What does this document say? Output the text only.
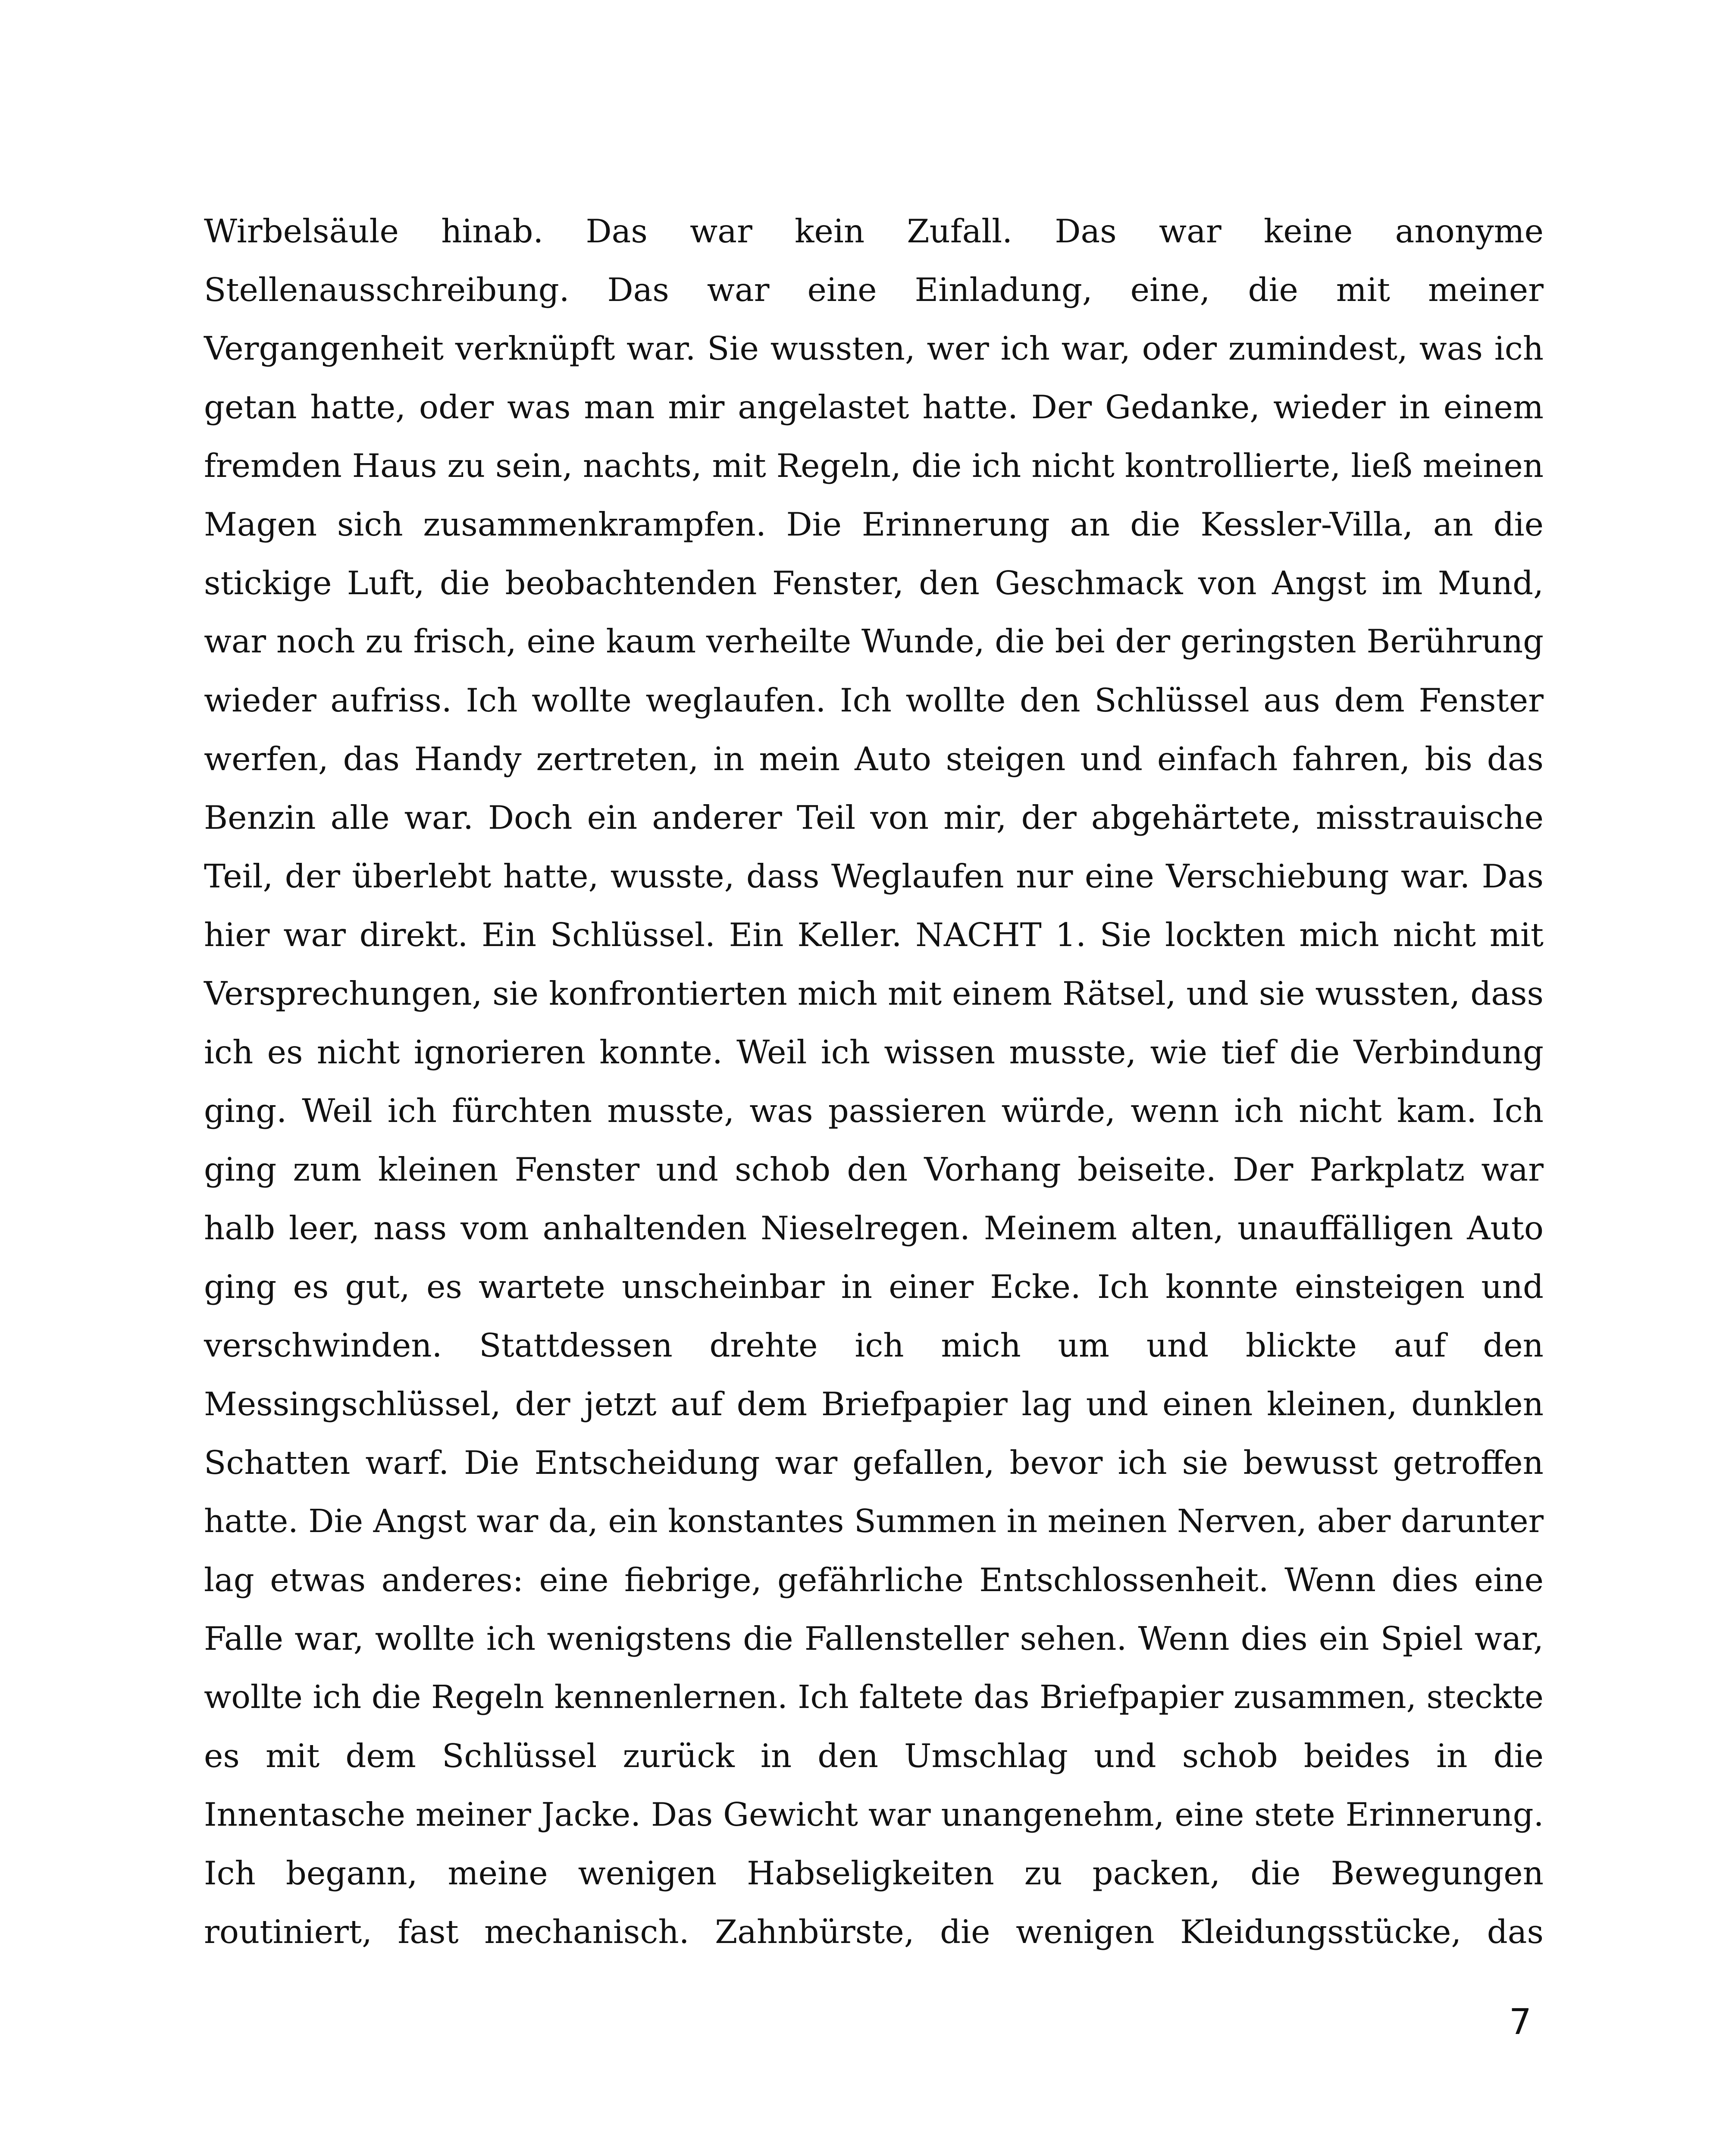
Wirbelsäule hinab. Das war kein Zufall. Das war keine anonyme
Stellenausschreibung. Das war eine Einladung, eine, die mit meiner
Vergangenheit verknüpft war. Sie wussten, wer ich war, oder zumindest, was ich
getan hatte, oder was man mir angelastet hatte. Der Gedanke, wieder in einem
fremden Haus zu sein, nachts, mit Regeln, die ich nicht kontrollierte, ließ meinen
Magen sich zusammenkrampfen. Die Erinnerung an die Kessler-Villa, an die
stickige Luft, die beobachtenden Fenster, den Geschmack von Angst im Mund,
war noch zu frisch, eine kaum verheilte Wunde, die bei der geringsten Berührung
wieder aufriss. Ich wollte weglaufen. Ich wollte den Schlüssel aus dem Fenster
werfen, das Handy zertreten, in mein Auto steigen und einfach fahren, bis das
Benzin alle war. Doch ein anderer Teil von mir, der abgehärtete, misstrauische
Teil, der überlebt hatte, wusste, dass Weglaufen nur eine Verschiebung war. Das
hier war direkt. Ein Schlüssel. Ein Keller. NACHT 1. Sie lockten mich nicht mit
Versprechungen, sie konfrontierten mich mit einem Rätsel, und sie wussten, dass
ich es nicht ignorieren konnte. Weil ich wissen musste, wie tief die Verbindung
ging. Weil ich fürchten musste, was passieren würde, wenn ich nicht kam. Ich
ging zum kleinen Fenster und schob den Vorhang beiseite. Der Parkplatz war
halb leer, nass vom anhaltenden Nieselregen. Meinem alten, unauffälligen Auto
ging es gut, es wartete unscheinbar in einer Ecke. Ich konnte einsteigen und
verschwinden. Stattdessen drehte ich mich um und blickte auf den
Messingschlüssel, der jetzt auf dem Briefpapier lag und einen kleinen, dunklen
Schatten warf. Die Entscheidung war gefallen, bevor ich sie bewusst getroffen
hatte. Die Angst war da, ein konstantes Summen in meinen Nerven, aber darunter
lag etwas anderes: eine fiebrige, gefährliche Entschlossenheit. Wenn dies eine
Falle war, wollte ich wenigstens die Fallensteller sehen. Wenn dies ein Spiel war,
wollte ich die Regeln kennenlernen. Ich faltete das Briefpapier zusammen, steckte
es mit dem Schlüssel zurück in den Umschlag und schob beides in die
Innentasche meiner Jacke. Das Gewicht war unangenehm, eine stete Erinnerung.
Ich begann, meine wenigen Habseligkeiten zu packen, die Bewegungen
routiniert, fast mechanisch. Zahnbürste, die wenigen Kleidungsstücke, das
7
